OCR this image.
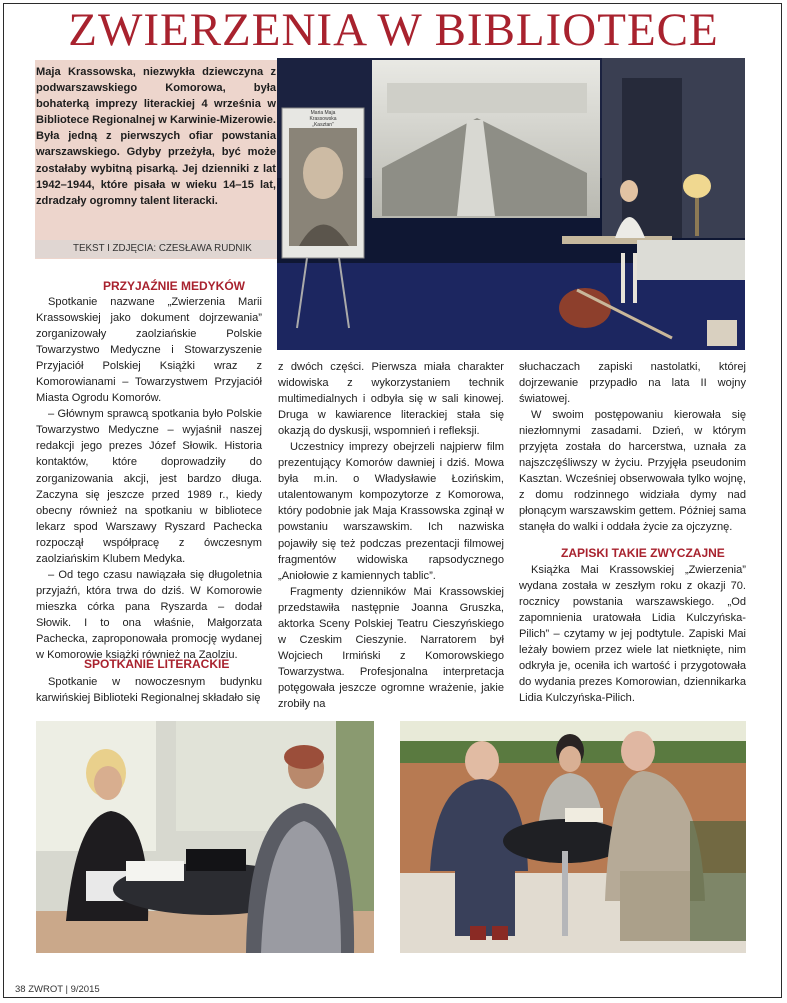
ZWIERZENIA W BIBLIOTECE
Maja Krassowska, niezwykła dziewczyna z podwarszawskiego Komorowa, była bohaterką imprezy literackiej 4 września w Bibliotece Regionalnej w Karwinie-Mizerowie. Była jedną z pierwszych ofiar powstania warszawskiego. Gdyby przeżyła, być może zostałaby wybitną pisarką. Jej dzienniki z lat 1942–1944, które pisała w wieku 14–15 lat, zdradzały ogromny talent literacki.
TEKST I ZDJĘCIA: CZESŁAWA RUDNIK
Maria Maja
Krassowska
„Kasztan”
PRZYJAŹNIE MEDYKÓW

Spotkanie nazwane „Zwierzenia Marii Krassowskiej jako dokument dojrzewania” zorganizowały zaolziańskie Polskie Towarzystwo Medyczne i Stowarzyszenie Przyjaciół Polskiej Książki wraz z Komorowianami – Towarzystwem Przyjaciół Miasta Ogrodu Komorów.

– Głównym sprawcą spotkania było Polskie Towarzystwo Medyczne – wyjaśnił naszej redakcji jego prezes Józef Słowik. Historia kontaktów, które doprowadziły do zorganizowania akcji, jest bardzo długa. Zaczyna się jeszcze przed 1989 r., kiedy obecny również na spotkaniu w bibliotece lekarz spod Warszawy Ryszard Pachecka rozpoczął współpracę z ówczesnym zaolziańskim Klubem Medyka.

– Od tego czasu nawiązała się długoletnia przyjaźń, która trwa do dziś. W Komorowie mieszka córka pana Ryszarda – dodał Słowik. I to ona właśnie, Małgorzata Pachecka, zaproponowała promocję wydanej w Komorowie książki również na Zaolziu.

SPOTKANIE LITERACKIE

Spotkanie w nowoczesnym budynku karwińskiej Biblioteki Regionalnej składało się

z dwóch części. Pierwsza miała charakter widowiska z wykorzystaniem technik multimedialnych i odbyła się w sali kinowej. Druga w kawiarence literackiej stała się okazją do dyskusji, wspomnień i refleksji.

Uczestnicy imprezy obejrzeli najpierw film prezentujący Komorów dawniej i dziś. Mowa była m.in. o Władysławie Łozińskim, utalentowanym kompozytorze z Komorowa, który podobnie jak Maja Krassowska zginął w powstaniu warszawskim. Ich nazwiska pojawiły się też podczas prezentacji filmowej fragmentów widowiska rapsodycznego „Aniołowie z kamiennych tablic”.

Fragmenty dzienników Mai Krassowskiej przedstawiła następnie Joanna Gruszka, aktorka Sceny Polskiej Teatru Cieszyńskiego w Czeskim Cieszynie. Narratorem był Wojciech Irmiński z Komorowskiego Towarzystwa. Profesjonalna interpretacja potęgowała jeszcze ogromne wrażenie, jakie zrobiły na

słuchaczach zapiski nastolatki, której dojrzewanie przypadło na lata II wojny światowej.

W swoim postępowaniu kierowała się niezłomnymi zasadami. Dzień, w którym przyjęta została do harcerstwa, uznała za najszczęśliwszy w życiu. Przyjęła pseudonim Kasztan. Wcześniej obserwowała tylko wojnę, z domu rodzinnego widziała dymy nad płonącym warszawskim gettem. Później sama stanęła do walki i oddała życie za ojczyznę.

ZAPISKI TAKIE ZWYCZAJNE

Książka Mai Krassowskiej „Zwierzenia” wydana została w zeszłym roku z okazji 70. rocznicy powstania warszawskiego. „Od zapomnienia uratowała Lidia Kulczyńska-Pilich” – czytamy w jej podtytule. Zapiski Mai leżały bowiem przez wiele lat nietknięte, nim odkryła je, oceniła ich wartość i przygotowała do wydania prezes Komorowian, dziennikarka Lidia Kulczyńska-Pilich.

38 ZWROT | 9/2015
